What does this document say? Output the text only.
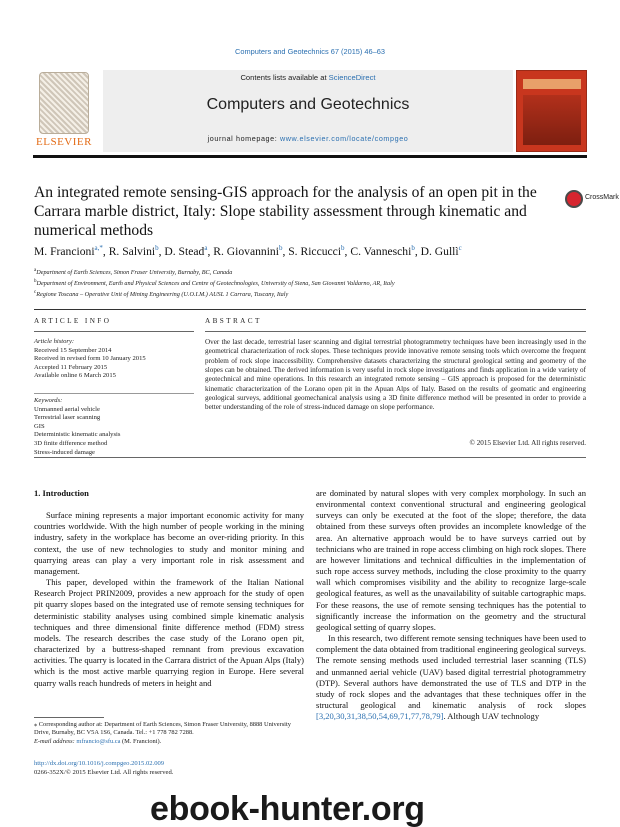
Computers and Geotechnics 67 (2015) 46–63
ELSEVIER
Contents lists available at ScienceDirect
Computers and Geotechnics
journal homepage: www.elsevier.com/locate/compgeo
An integrated remote sensing-GIS approach for the analysis of an open pit in the Carrara marble district, Italy: Slope stability assessment through kinematic and numerical methods
CrossMark
M. Francioni$^{a,*}$, R. Salvini$^b$, D. Stead$^a$, R. Giovannini$^b$, S. Riccucci$^b$, C. Vanneschi$^b$, D. Gullì$^c$
$^a$Department of Earth Sciences, Simon Fraser University, Burnaby, BC, Canada
$^b$Department of Environment, Earth and Physical Sciences and Centre of Geotechnologies, University of Siena, San Giovanni Valdarno, AR, Italy
$^c$Regione Toscana – Operative Unit of Mining Engineering (U.O.I.M.) AUSL 1 Carrara, Tuscany, Italy
ARTICLE INFO	ABSTRACT
Article history:
Received 15 September 2014
Received in revised form 10 January 2015
Accepted 11 February 2015
Available online 6 March 2015
Keywords:
Unmanned aerial vehicle
Terrestrial laser scanning
GIS
Deterministic kinematic analysis
3D finite difference method
Stress-induced damage
Over the last decade, terrestrial laser scanning and digital terrestrial photogrammetry techniques have been increasingly used in the geometrical characterization of rock slopes. These techniques provide innovative remote sensing tools which overcome the frequent problem of rock slope inaccessibility. Comprehensive datasets characterizing the structural geological setting and geometry of the slopes can be obtained. The derived information is very useful in rock slope investigations and finds application in a wide variety of geotechnical and mine operations. In this research an integrated remote sensing – GIS approach is proposed for the deterministic kinematic characterization of the Lorano open pit in the Apuan Alps of Italy. Based on the results of geomatic and engineering geological surveys, additional geomechanical analysis using a 3D finite difference method will be presented in order to provide a better understanding of the role of stress-induced damage on slope performance.
© 2015 Elsevier Ltd. All rights reserved.
1. Introduction

Surface mining represents a major important economic activity for many countries worldwide. With the high number of people working in the mining industry, safety in the workplace has become an over-riding priority. In this context, the use of new technologies to study and monitor mining and quarrying areas can play a very important role in risk assessment and management.

This paper, developed within the framework of the Italian National Research Project PRIN2009, provides a new approach for the study of open pit quarry slopes based on the integrated use of remote sensing techniques for deterministic stability analyses using combined simple kinematic analysis techniques and three dimensional finite difference method (FDM) stress models. The research describes the case study of the Lorano open pit, characterized by a buttress-shaped remnant from previous excavation activities. The quarry is located in the Carrara district of the Apuan Alps (Italy) which is the most active marble quarrying region in Europe. Here several quarry walls reach hundreds of meters in height and

are dominated by natural slopes with very complex morphology. In such an environmental context conventional structural and engineering geological surveys can only be executed at the foot of the slope; therefore, the data obtained from these surveys often provides an incomplete knowledge of the area. An alternative approach would be to have surveys carried out by technicians who are trained in rope access climbing on high rock slopes. There are however limitations and technical difficulties in the implementation of such rope access survey methods, including the close proximity to the quarry wall which compromises visibility and the ability to recognize large-scale geological features, as well as the unavailability of suitable cartographic maps. For these reasons, the use of remote sensing techniques has the potential to significantly increase the information on the geometry and the structural geological setting of quarry slopes.

In this research, two different remote sensing techniques have been used to complement the data obtained from traditional engineering geological surveys. The remote sensing methods used included terrestrial laser scanning (TLS) and unmanned aerial vehicle (UAV) based digital terrestrial photogrammetry (DTP). Several authors have demonstrated the use of TLS and DTP in the study of rock slopes and the advantages that these techniques offer in the structural geological and kinematic analysis of rock slopes [3,20,30,31,38,50,54,69,71,77,78,79]. Although UAV technology

⁎ Corresponding author at: Department of Earth Sciences, Simon Fraser University, 8888 University Drive, Burnaby, BC V5A 1S6, Canada. Tel.: +1 778 782 7288.
E-mail address: mfrancio@sfu.ca (M. Francioni).
http://dx.doi.org/10.1016/j.compgeo.2015.02.009
0266-352X/© 2015 Elsevier Ltd. All rights reserved.
ebook-hunter.org
